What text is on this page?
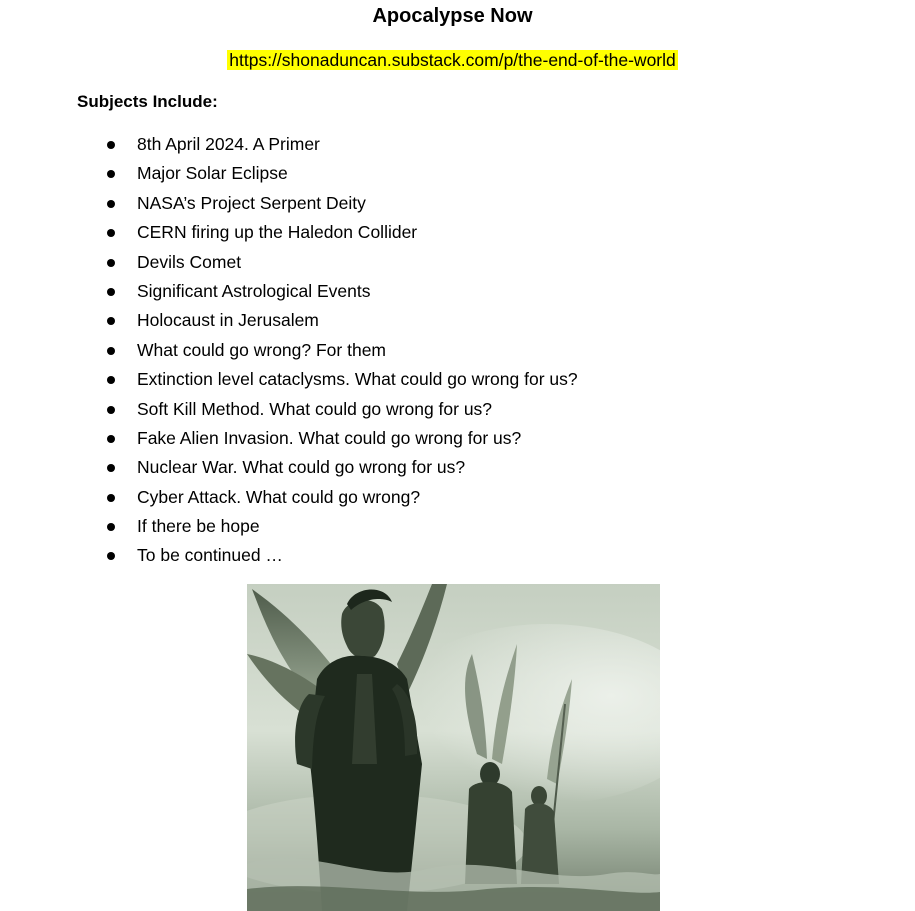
Apocalypse Now
https://shonaduncan.substack.com/p/the-end-of-the-world
Subjects Include:
8th April 2024. A Primer
Major Solar Eclipse
NASA’s Project Serpent Deity
CERN firing up the Haledon Collider
Devils Comet
Significant Astrological Events
Holocaust in Jerusalem
What could go wrong? For them
Extinction level cataclysms. What could go wrong for us?
Soft Kill Method. What could go wrong for us?
Fake Alien Invasion. What could go wrong for us?
Nuclear War. What could go wrong for us?
Cyber Attack. What could go wrong?
If there be hope
To be continued …
